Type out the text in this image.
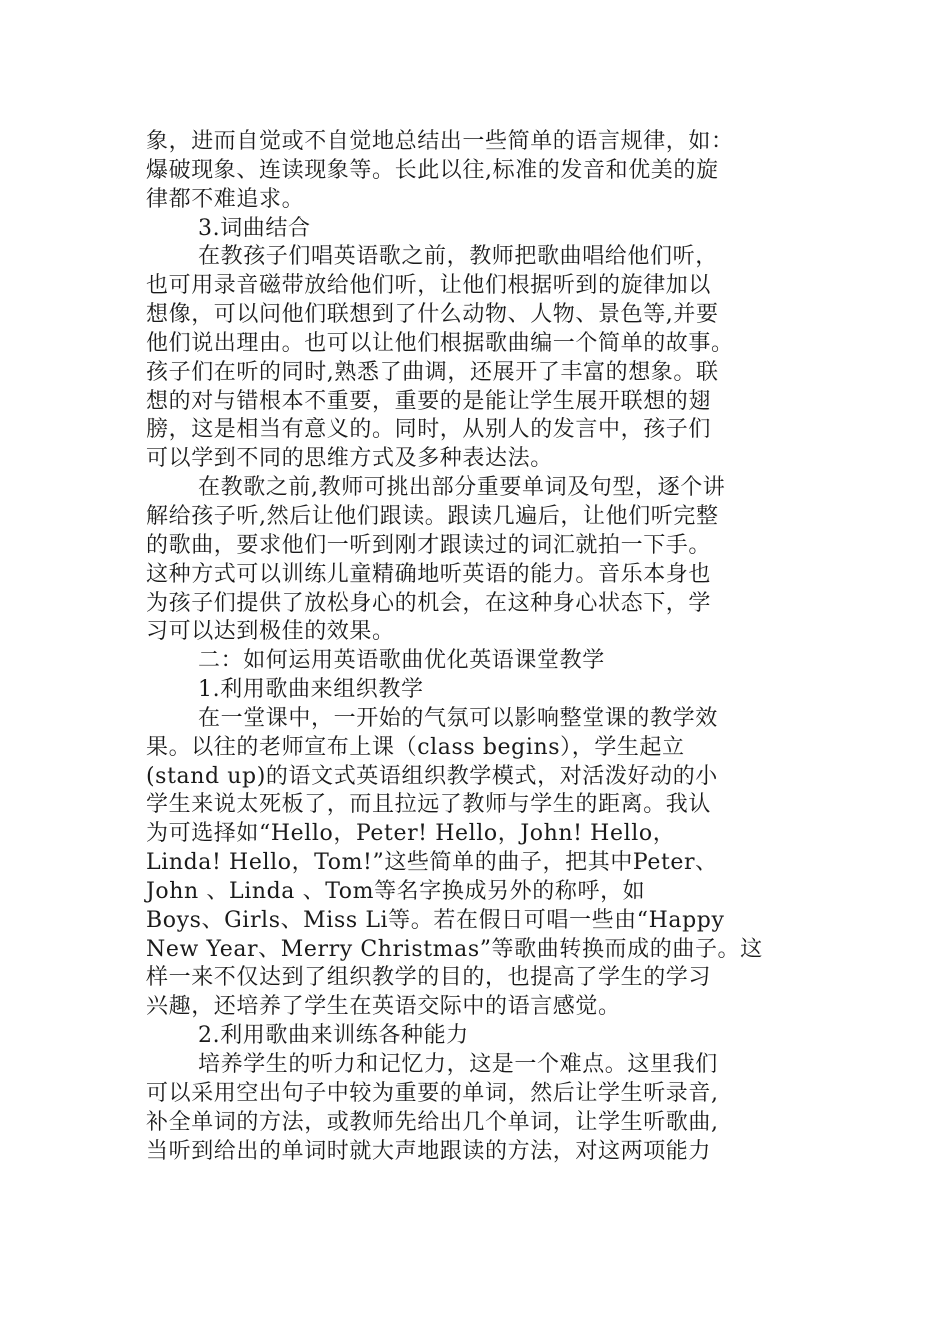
象，进而自觉或不自觉地总结出一些简单的语言规律，如：
爆破现象、连读现象等。长此以往,标准的发音和优美的旋
律都不难追求。
3.词曲结合
在教孩子们唱英语歌之前，教师把歌曲唱给他们听，
也可用录音磁带放给他们听，让他们根据听到的旋律加以
想像，可以问他们联想到了什么动物、人物、景色等,并要
他们说出理由。也可以让他们根据歌曲编一个简单的故事。
孩子们在听的同时,熟悉了曲调，还展开了丰富的想象。联
想的对与错根本不重要，重要的是能让学生展开联想的翅
膀，这是相当有意义的。同时，从别人的发言中，孩子们
可以学到不同的思维方式及多种表达法。
在教歌之前,教师可挑出部分重要单词及句型，逐个讲
解给孩子听,然后让他们跟读。跟读几遍后，让他们听完整
的歌曲，要求他们一听到刚才跟读过的词汇就拍一下手。
这种方式可以训练儿童精确地听英语的能力。音乐本身也
为孩子们提供了放松身心的机会，在这种身心状态下，学
习可以达到极佳的效果。
二：如何运用英语歌曲优化英语课堂教学
1.利用歌曲来组织教学
在一堂课中，一开始的气氛可以影响整堂课的教学效
果。以往的老师宣布上课（class begins），学生起立
(stand up)的语文式英语组织教学模式，对活泼好动的小
学生来说太死板了，而且拉远了教师与学生的距离。我认
为可选择如“Hello，Peter! Hello，John! Hello，
Linda! Hello，Tom!”这些简单的曲子，把其中Peter、
John 、Linda 、Tom等名字换成另外的称呼，如
Boys、Girls、Miss Li等。若在假日可唱一些由“Happy
New Year、Merry Christmas”等歌曲转换而成的曲子。这
样一来不仅达到了组织教学的目的，也提高了学生的学习
兴趣，还培养了学生在英语交际中的语言感觉。
2.利用歌曲来训练各种能力
培养学生的听力和记忆力，这是一个难点。这里我们
可以采用空出句子中较为重要的单词，然后让学生听录音,
补全单词的方法，或教师先给出几个单词，让学生听歌曲,
当听到给出的单词时就大声地跟读的方法，对这两项能力
